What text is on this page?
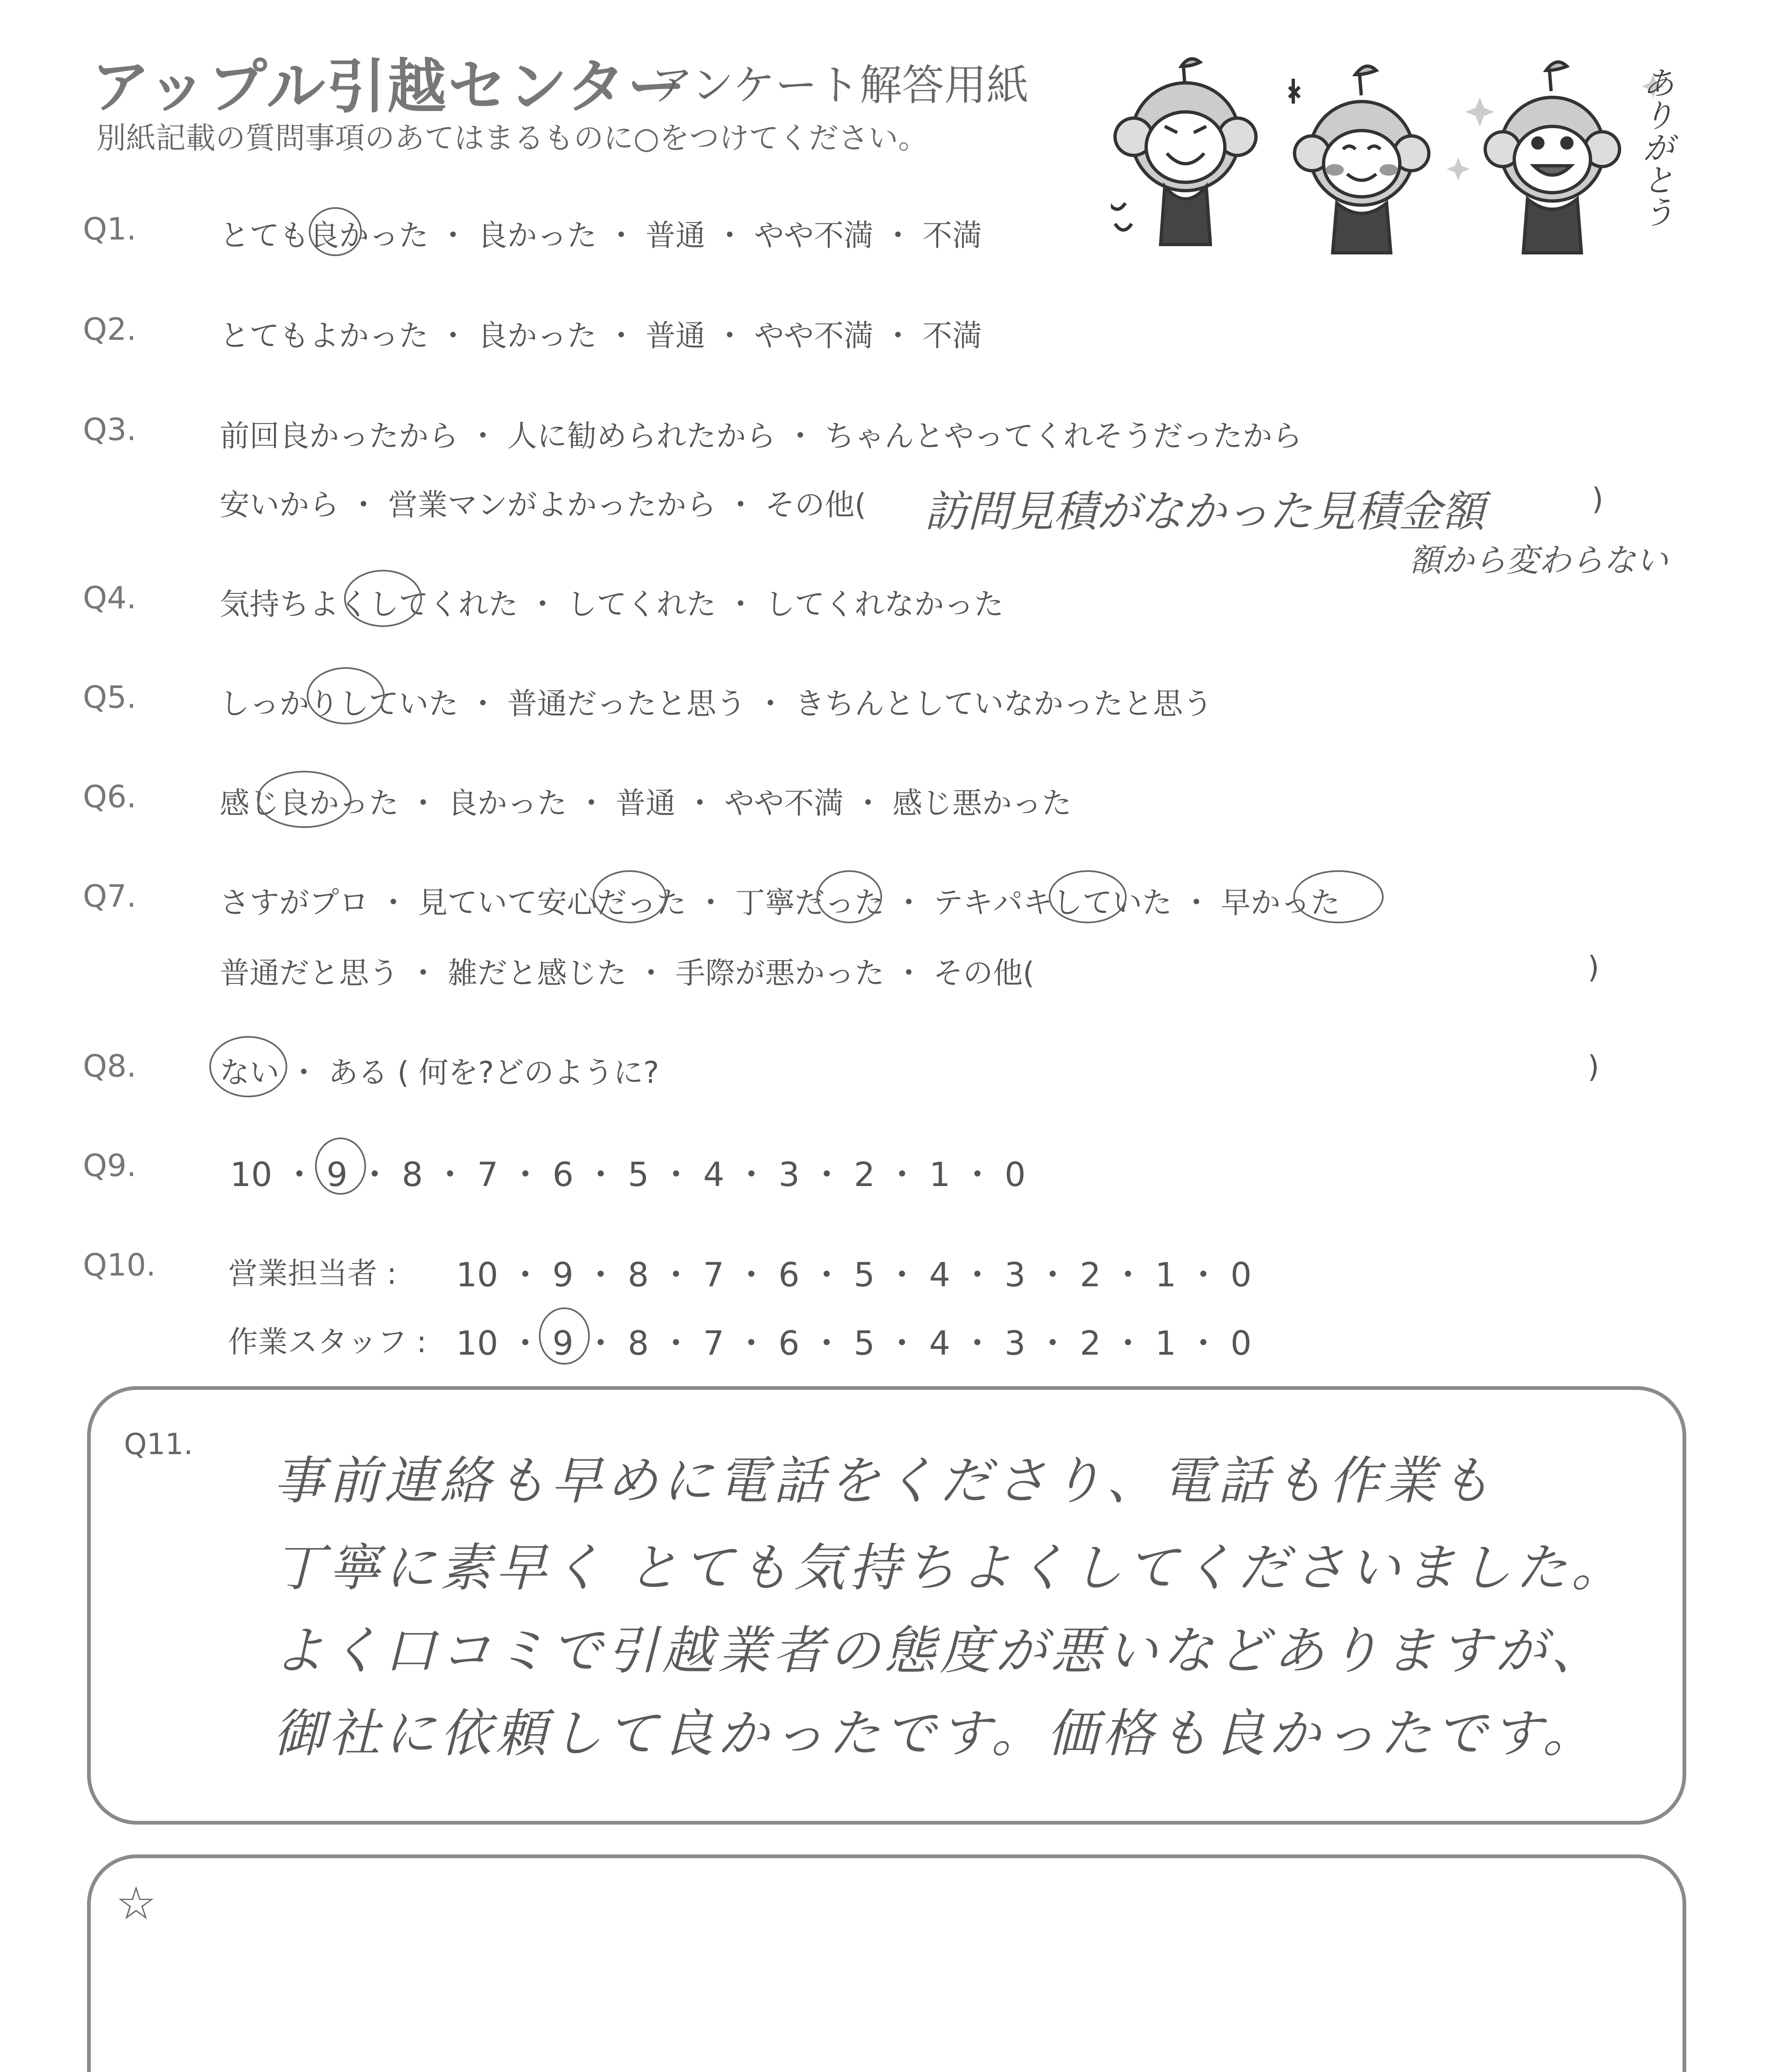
アップル引越センター
アンケート解答用紙
別紙記載の質問事項のあてはまるものに○をつけてください。	ありがとう
Q1.	とても良かった ・ 良かった ・ 普通 ・ やや不満 ・ 不満
Q2.	とてもよかった ・ 良かった ・ 普通 ・ やや不満 ・ 不満
Q3.	前回良かったから ・ 人に勧められたから ・ ちゃんとやってくれそうだったから
安いから ・ 営業マンがよかったから ・ その他( 訪問見積がなかった見積金額
額から変わらない
)
Q4.	気持ちよくしてくれた ・ してくれた ・ してくれなかった
Q5.	しっかりしていた ・ 普通だったと思う ・ きちんとしていなかったと思う
Q6.	感じ良かった ・ 良かった ・ 普通 ・ やや不満 ・ 感じ悪かった
Q7.	さすがプロ ・ 見ていて安心だった ・ 丁寧だった ・ テキパキしていた ・ 早かった
普通だと思う ・ 雑だと感じた ・ 手際が悪かった ・ その他(	)
Q8.	ない ・ ある ( 何を?どのように?	)
Q9.	10 ・ 9 ・ 8 ・ 7 ・ 6 ・ 5 ・ 4 ・ 3 ・ 2 ・ 1 ・ 0
Q10. 営業担当者 : 10 ・ 9 ・ 8 ・ 7 ・ 6 ・ 5 ・ 4 ・ 3 ・ 2 ・ 1 ・ 0
作業スタッフ : 10 ・ 9 ・ 8 ・ 7 ・ 6 ・ 5 ・ 4 ・ 3 ・ 2 ・ 1 ・ 0
Q11.
事前連絡も早めに電話をくださり、電話も作業も
丁寧に素早く とても気持ちよくしてくださいました。
よく口コミで引越業者の態度が悪いなどありますが、
御社に依頼して良かったです。価格も良かったです。
☆
